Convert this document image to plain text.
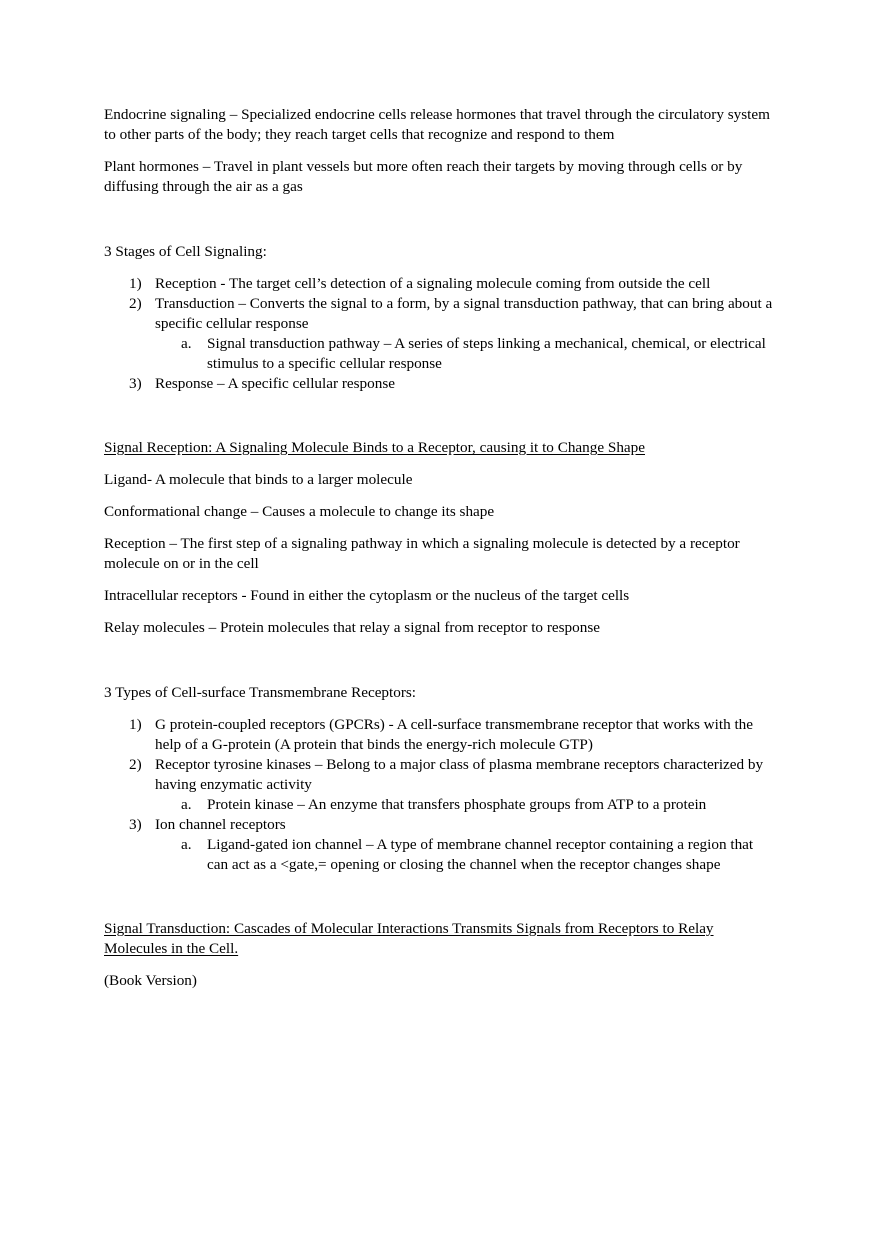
Endocrine signaling – Specialized endocrine cells release hormones that travel through the circulatory system to other parts of the body; they reach target cells that recognize and respond to them

Plant hormones – Travel in plant vessels but more often reach their targets by moving through cells or by diffusing through the air as a gas

3 Stages of Cell Signaling:

1) Reception - The target cell’s detection of a signaling molecule coming from outside the cell
2) Transduction – Converts the signal to a form, by a signal transduction pathway, that can bring about a specific cellular response
a. Signal transduction pathway – A series of steps linking a mechanical, chemical, or electrical stimulus to a specific cellular response
3) Response – A specific cellular response

Signal Reception: A Signaling Molecule Binds to a Receptor, causing it to Change Shape

Ligand- A molecule that binds to a larger molecule

Conformational change – Causes a molecule to change its shape

Reception – The first step of a signaling pathway in which a signaling molecule is detected by a receptor molecule on or in the cell

Intracellular receptors - Found in either the cytoplasm or the nucleus of the target cells

Relay molecules – Protein molecules that relay a signal from receptor to response

3 Types of Cell-surface Transmembrane Receptors:

1) G protein-coupled receptors (GPCRs) - A cell-surface transmembrane receptor that works with the help of a G-protein (A protein that binds the energy-rich molecule GTP)
2) Receptor tyrosine kinases – Belong to a major class of plasma membrane receptors characterized by having enzymatic activity
a. Protein kinase – An enzyme that transfers phosphate groups from ATP to a protein
3) Ion channel receptors
a. Ligand-gated ion channel – A type of membrane channel receptor containing a region that can act as a <gate,= opening or closing the channel when the receptor changes shape

Signal Transduction: Cascades of Molecular Interactions Transmits Signals from Receptors to Relay Molecules in the Cell.

(Book Version)
